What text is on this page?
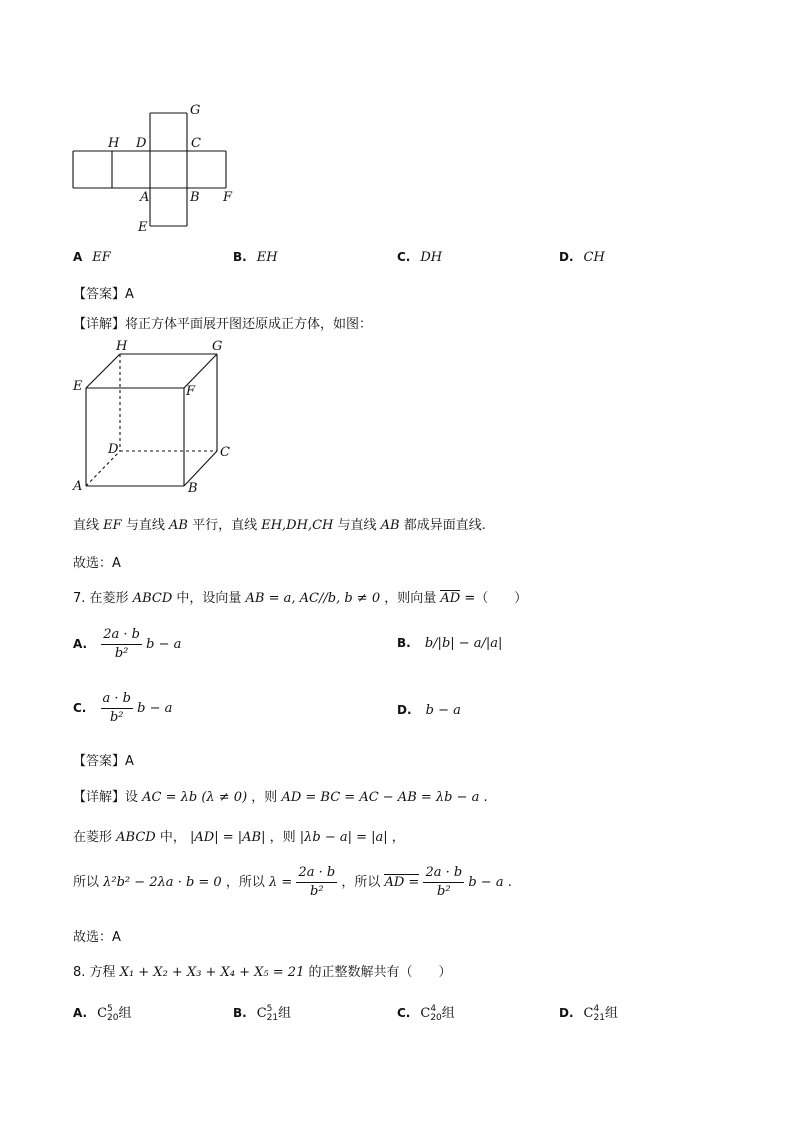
G
H D	C
A	B F
E
A EF	B. EH	C. DH	D. CH
【答案】A
【详解】将正方体平面展开图还原成正方体，如图：
H	G
E	F
D	C
A	B
直线 EF 与直线 AB 平行，直线 EH,DH,CH 与直线 AB 都成异面直线.
故选：A
7. 在菱形 ABCD 中，设向量 AB = a, AC//b, b ≠ 0 ，则向量 AD =（　　）
A. $\frac{2a \cdot b}{\text{b²}}$ b − a	B. b/|b| − a/|a|
C. $\frac{a \cdot b}{\text{b²}}$ b − a	D. b − a
【答案】A
【详解】设 AC = λb (λ ≠ 0) ，则 AD = BC = AC − AB = λb − a .
在菱形 ABCD 中， |AD| = |AB| ，则 |λb − a| = |a| ，
所以 λ²b² − 2λa · b = 0 ，所以 $\lambda = \frac{2a \cdot b}{\text{b²}}$ ，所以 AD = $\frac{2a \cdot b}{\text{b²}}$ b − a .
故选：A
8. 方程 X₁ + X₂ + X₃ + X₄ + X₅ = 21 的正整数解共有（　　）
A. C 5
20 组	B. C 5
21 组	C. C 4
20 组	D. C 4
21 组
